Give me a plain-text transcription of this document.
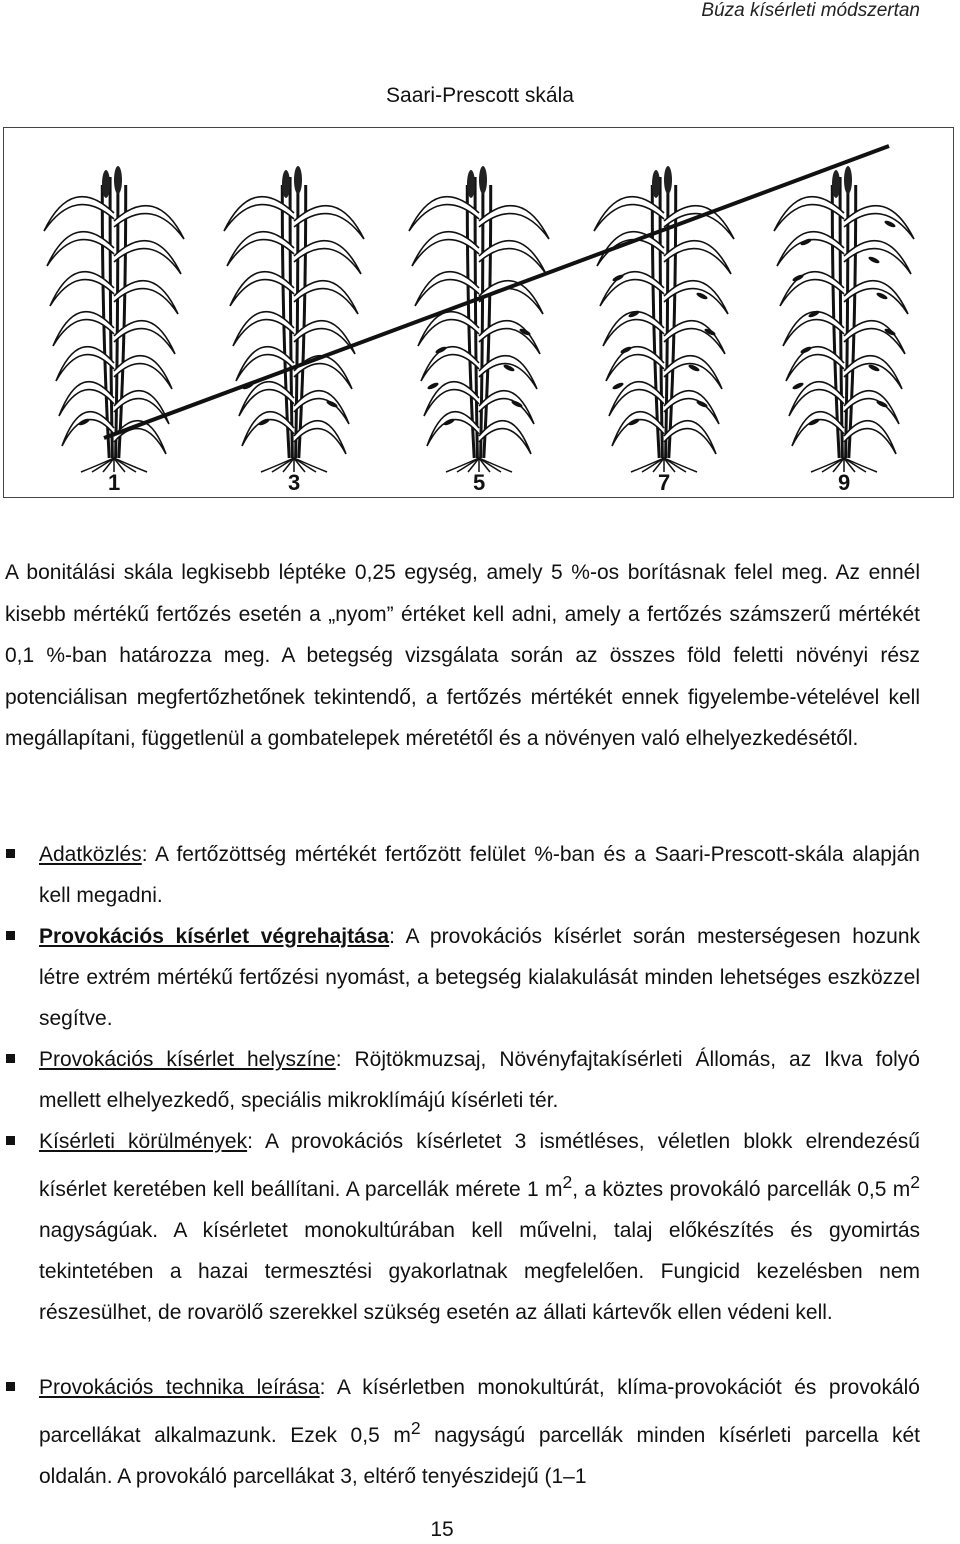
Búza kísérleti módszertan
Saari-Prescott skála
1	3	5	7	9

A bonitálási skála legkisebb léptéke 0,25 egység, amely 5 %-os borításnak felel meg. Az ennél kisebb mértékű fertőzés esetén a „nyom” értéket kell adni, amely a fertőzés számszerű mértékét 0,1 %-ban határozza meg. A betegség vizsgálata során az összes föld feletti növényi rész potenciálisan megfertőzhetőnek tekintendő, a fertőzés mértékét ennek figyelembe-vételével kell megállapítani, függetlenül a gombatelepek méretétől és a növényen való elhelyezkedésétől.

Adatközlés: A fertőzöttség mértékét fertőzött felület %-ban és a Saari-Prescott-skála alapján kell megadni.
Provokációs kísérlet végrehajtása: A provokációs kísérlet során mesterségesen hozunk létre extrém mértékű fertőzési nyomást, a betegség kialakulását minden lehetséges eszközzel segítve.
Provokációs kísérlet helyszíne: Röjtökmuzsaj, Növényfajtakísérleti Állomás, az Ikva folyó mellett elhelyezkedő, speciális mikroklímájú kísérleti tér.
Kísérleti körülmények: A provokációs kísérletet 3 ismétléses, véletlen blokk elrendezésű kísérlet keretében kell beállítani. A parcellák mérete 1 $m^2$, a köztes provokáló parcellák 0,5 $m^2$ nagyságúak. A kísérletet monokultúrában kell művelni, talaj előkészítés és gyomirtás tekintetében a hazai termesztési gyakorlatnak megfelelően. Fungicid kezelésben nem részesülhet, de rovarölő szerekkel szükség esetén az állati kártevők ellen védeni kell.
Provokációs technika leírása: A kísérletben monokultúrát, klíma-provokációt és provokáló parcellákat alkalmazunk. Ezek 0,5 $m^2$ nagyságú parcellák minden kísérleti parcella két oldalán. A provokáló parcellákat 3, eltérő tenyészidejű (1–1
15
